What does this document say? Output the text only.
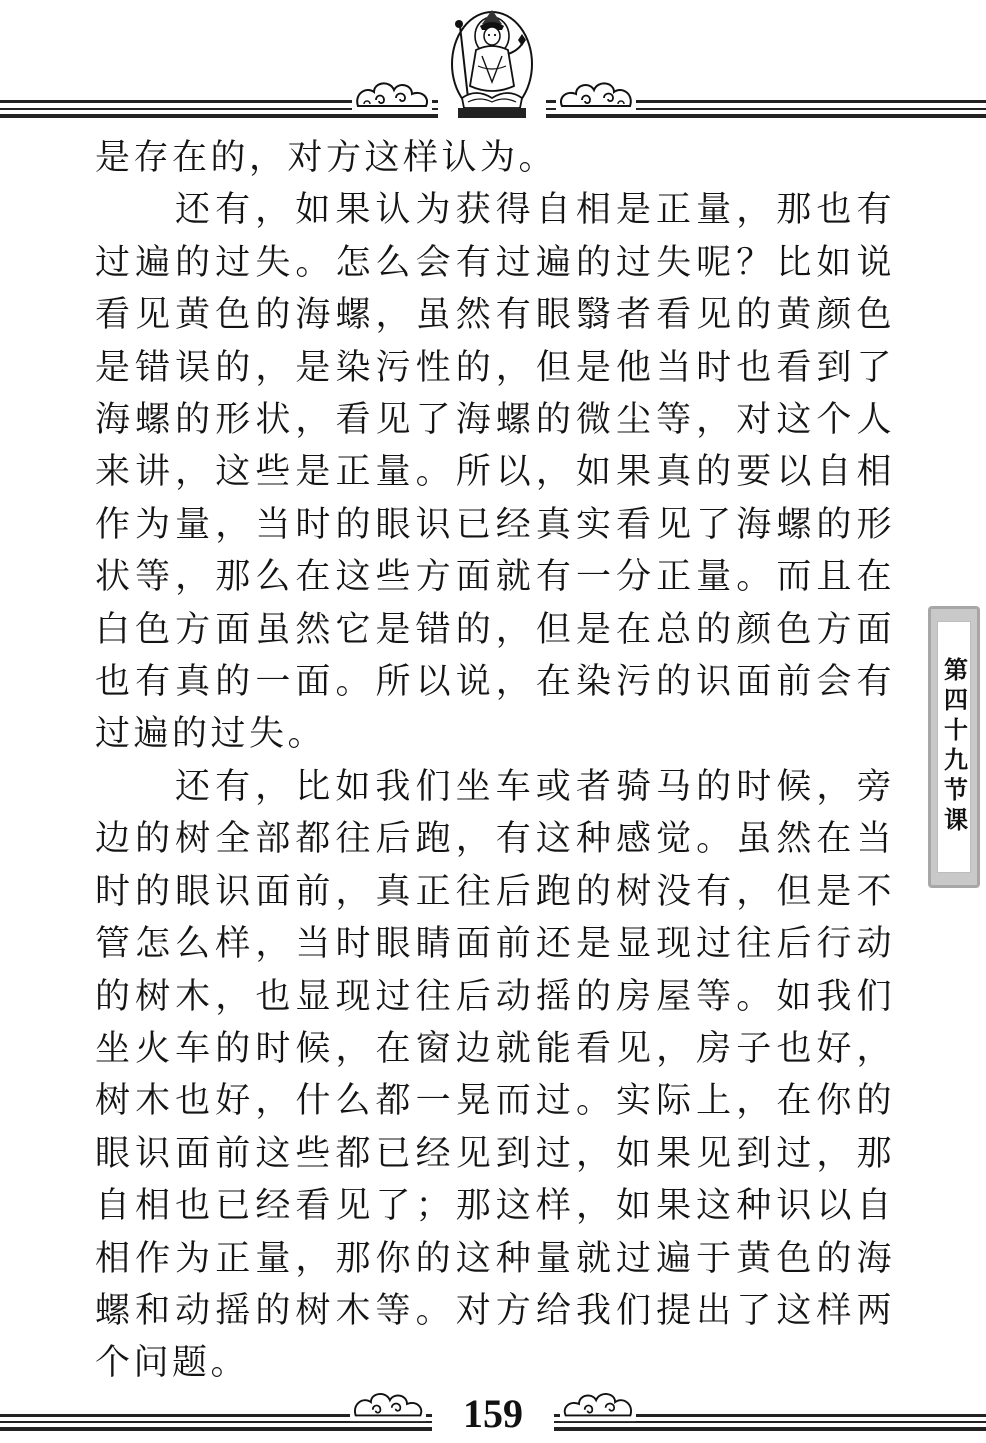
是存在的，对方这样认为。

还有，如果认为获得自相是正量，那也有过遍的过失。怎么会有过遍的过失呢？比如说看见黄色的海螺，虽然有眼翳者看见的黄颜色是错误的，是染污性的，但是他当时也看到了海螺的形状，看见了海螺的微尘等，对这个人来讲，这些是正量。所以，如果真的要以自相作为量，当时的眼识已经真实看见了海螺的形状等，那么在这些方面就有一分正量。而且在白色方面虽然它是错的，但是在总的颜色方面也有真的一面。所以说，在染污的识面前会有过遍的过失。

还有，比如我们坐车或者骑马的时候，旁边的树全部都往后跑，有这种感觉。虽然在当时的眼识面前，真正往后跑的树没有，但是不管怎么样，当时眼睛面前还是显现过往后行动的树木，也显现过往后动摇的房屋等。如我们坐火车的时候，在窗边就能看见，房子也好，树木也好，什么都一晃而过。实际上，在你的眼识面前这些都已经见到过，如果见到过，那自相也已经看见了；那这样，如果这种识以自相作为正量，那你的这种量就过遍于黄色的海螺和动摇的树木等。对方给我们提出了这样两个问题。

第四十九节课
159
